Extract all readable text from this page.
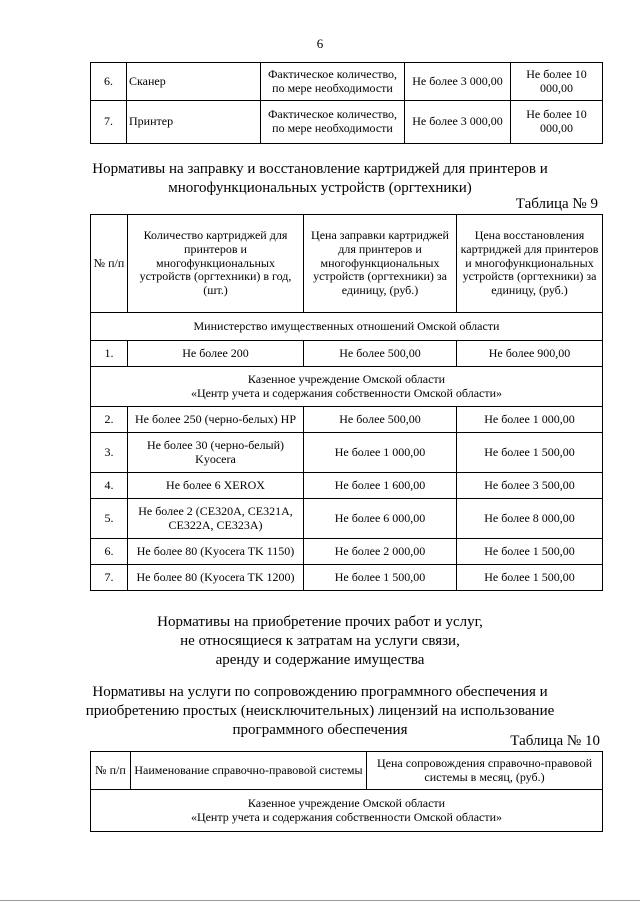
6
6.	Сканер	Фактическое количество, по мере необходимости	Не более 3 000,00	Не более 10 000,00
7.	Принтер	Фактическое количество, по мере необходимости	Не более 3 000,00	Не более 10 000,00
Нормативы на заправку и восстановление картриджей для принтеров и
многофункциональных устройств (оргтехники)
Таблица № 9
№ п/п	Количество картриджей для принтеров и многофункциональных устройств (оргтехники) в год, (шт.)	Цена заправки картриджей для принтеров и многофункциональных устройств (оргтехники) за единицу, (руб.)	Цена восстановления картриджей для принтеров и многофункциональных устройств (оргтехники) за единицу, (руб.)
Министерство имущественных отношений Омской области			
1.	Не более 200	Не более 500,00	Не более 900,00

Казенное учреждение Омской области
«Центр учета и содержания собственности Омской области»			

2.	Не более 250 (черно-белых) HP	Не более 500,00	Не более 1 000,00
3.	Не более 30 (черно-белый) Kyocera	Не более 1 000,00	Не более 1 500,00
4.	Не более 6 XEROX	Не более 1 600,00	Не более 3 500,00
5.	Не более 2 (CE320A, CE321A, CE322A, CE323A)	Не более 6 000,00	Не более 8 000,00
6.	Не более 80 (Kyocera TK 1150)	Не более 2 000,00	Не более 1 500,00
7.	Не более 80 (Kyocera TK 1200)	Не более 1 500,00	Не более 1 500,00
Нормативы на приобретение прочих работ и услуг,
не относящиеся к затратам на услуги связи,
аренду и содержание имущества
Нормативы на услуги по сопровождению программного обеспечения и
приобретению простых (неисключительных) лицензий на использование
программного обеспечения
Таблица № 10
№ п/п	Наименование справочно-правовой системы	Цена сопровождения справочно-правовой системы в месяц, (руб.)

Казенное учреждение Омской области
«Центр учета и содержания собственности Омской области»
